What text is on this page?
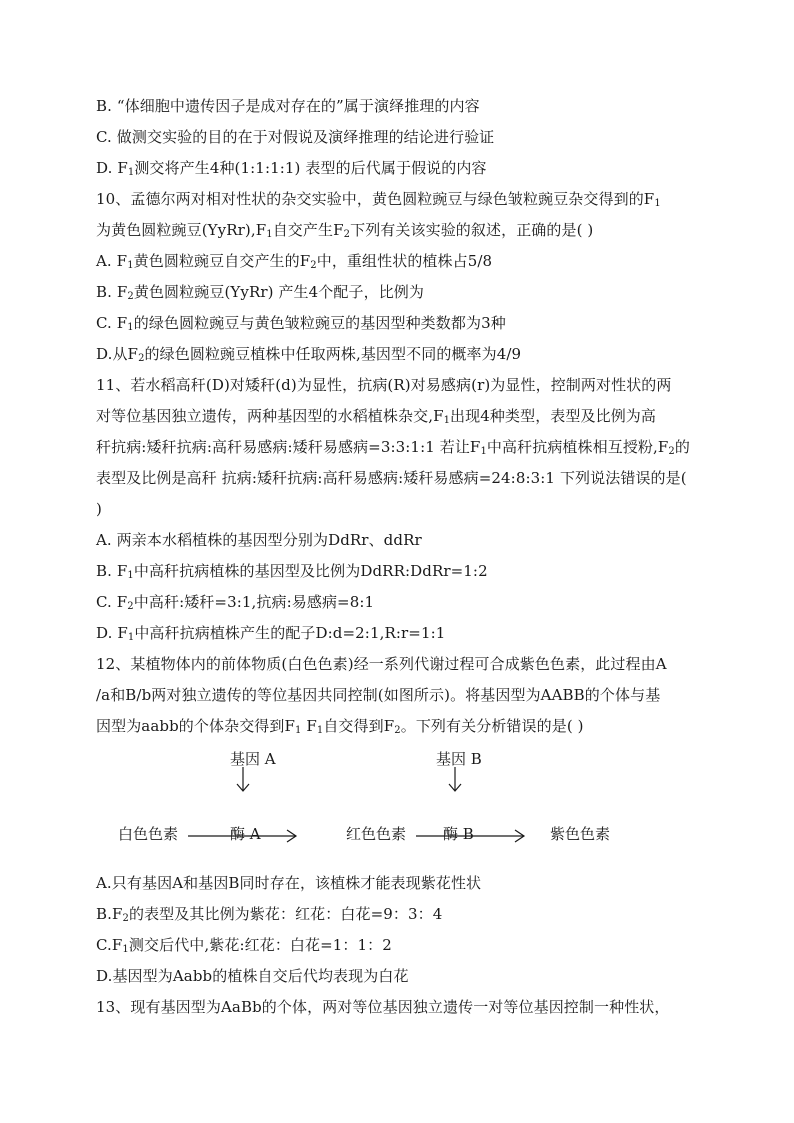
B. “体细胞中遗传因子是成对存在的”属于演绎推理的内容
C. 做测交实验的目的在于对假说及演绎推理的结论进行验证
D. $F_1$测交将产生4种(1:1:1:1) 表型的后代属于假说的内容
10、孟德尔两对相对性状的杂交实验中，黄色圆粒豌豆与绿色皱粒豌豆杂交得到的$F_1$
为黄色圆粒豌豆$(YyRr),F_1$自交产生$F_2$下列有关该实验的叙述，正确的是( )
A. $F_1$黄色圆粒豌豆自交产生的$F_2$中，重组性状的植株占5/8
B. $F_2$黄色圆粒豌豆(YyRr) 产生4个配子，比例为
C. $F_1$的绿色圆粒豌豆与黄色皱粒豌豆的基因型种类数都为3种
D.从$F_2$的绿色圆粒豌豆植株中任取两株,基因型不同的概率为4/9
11、若水稻高秆(D)对矮秆(d)为显性，抗病(R)对易感病(r)为显性，控制两对性状的两
对等位基因独立遗传，两种基因型的水稻植株杂交$,F_1$出现4种类型，表型及比例为高
秆抗病:矮秆抗病:高秆易感病:矮秆易感病=3:3:1:1 若让$F_1$中高秆抗病植株相互授粉$,F_2$的
表型及比例是高秆 抗病:矮秆抗病:高秆易感病:矮秆易感病=24:8:3:1 下列说法错误的是(
)
A. 两亲本水稻植株的基因型分别为DdRr、ddRr
B. $F_1$中高秆抗病植株的基因型及比例为DdRR:DdRr=1:2
C. $F_2$中高秆:矮秆=3:1,抗病:易感病=8:1
D. $F_1$中高秆抗病植株产生的配子D:d=2:1,R:r=1:1
12、某植物体内的前体物质(白色色素)经一系列代谢过程可合成紫色色素，此过程由A
/a和B/b两对独立遗传的等位基因共同控制(如图所示)。将基因型为AABB的个体与基
因型为aabb的个体杂交得到$F_1$ $F_1$自交得到$F_2$。下列有关分析错误的是( )
基因 A	基因 B
白色色素	酶 A	红色色素 酶 B	紫色色素
A.只有基因A和基因B同时存在，该植株才能表现紫花性状
$B.F_2$的表型及其比例为紫花：红花：白花=9：3：4
$C.F_1$测交后代中,紫花:红花：白花=1：1：2
D.基因型为Aabb的植株自交后代均表现为白花
13、现有基因型为AaBb的个体，两对等位基因独立遗传一对等位基因控制一种性状，
